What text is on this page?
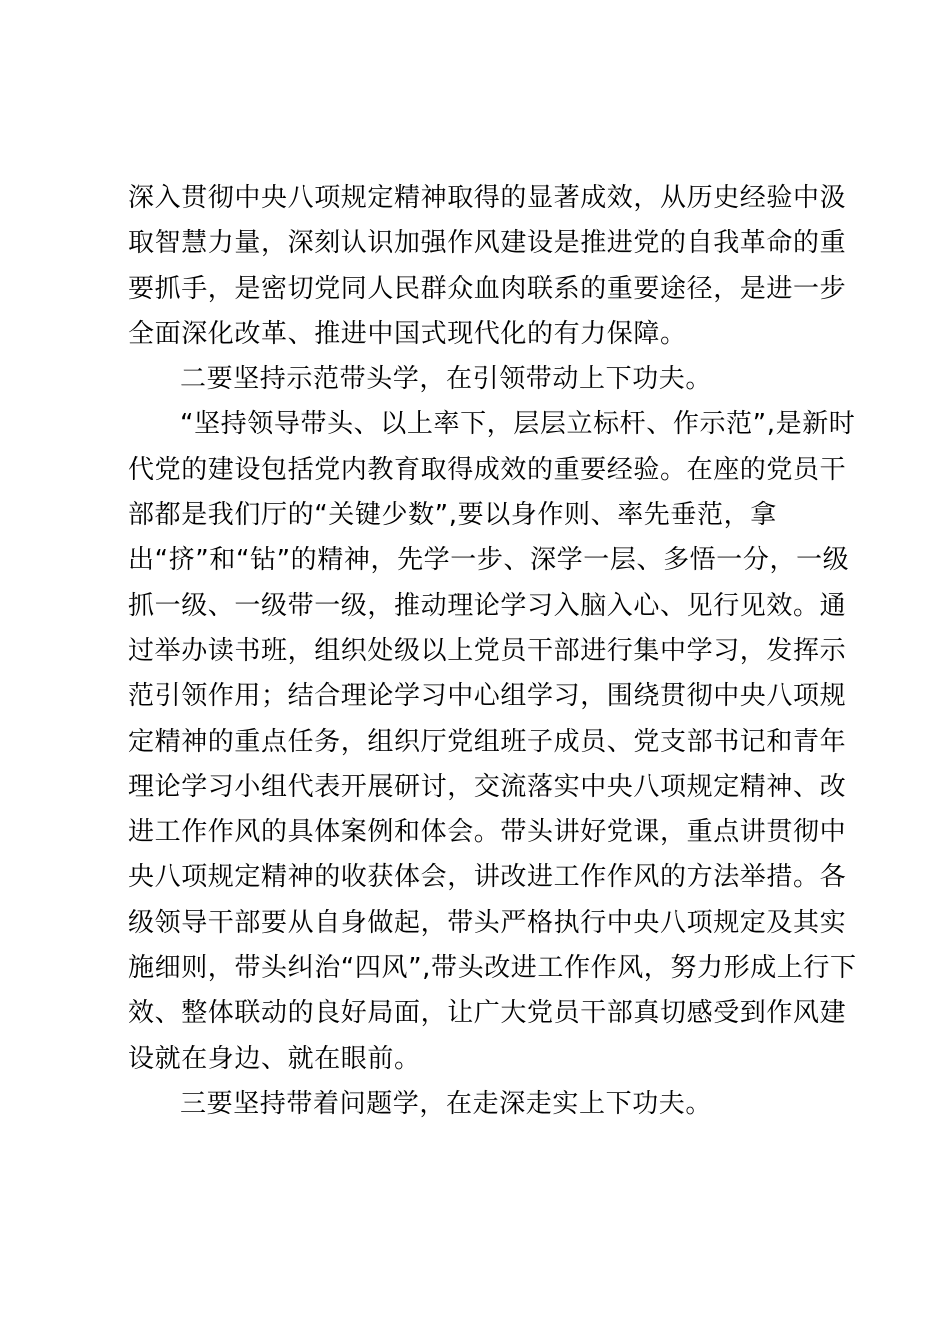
深入贯彻中央八项规定精神取得的显著成效，从历史经验中汲
取智慧力量，深刻认识加强作风建设是推进党的自我革命的重
要抓手，是密切党同人民群众血肉联系的重要途径，是进一步
全面深化改革、推进中国式现代化的有力保障。
二要坚持示范带头学，在引领带动上下功夫。
“坚持领导带头、以上率下，层层立标杆、作示范”,是新时
代党的建设包括党内教育取得成效的重要经验。在座的党员干
部都是我们厅的“关键少数”,要以身作则、率先垂范，拿
出“挤”和“钻”的精神，先学一步、深学一层、多悟一分，一级
抓一级、一级带一级，推动理论学习入脑入心、见行见效。通
过举办读书班，组织处级以上党员干部进行集中学习，发挥示
范引领作用；结合理论学习中心组学习，围绕贯彻中央八项规
定精神的重点任务，组织厅党组班子成员、党支部书记和青年
理论学习小组代表开展研讨，交流落实中央八项规定精神、改
进工作作风的具体案例和体会。带头讲好党课，重点讲贯彻中
央八项规定精神的收获体会，讲改进工作作风的方法举措。各
级领导干部要从自身做起，带头严格执行中央八项规定及其实
施细则，带头纠治“四风”,带头改进工作作风，努力形成上行下
效、整体联动的良好局面，让广大党员干部真切感受到作风建
设就在身边、就在眼前。
三要坚持带着问题学，在走深走实上下功夫。
